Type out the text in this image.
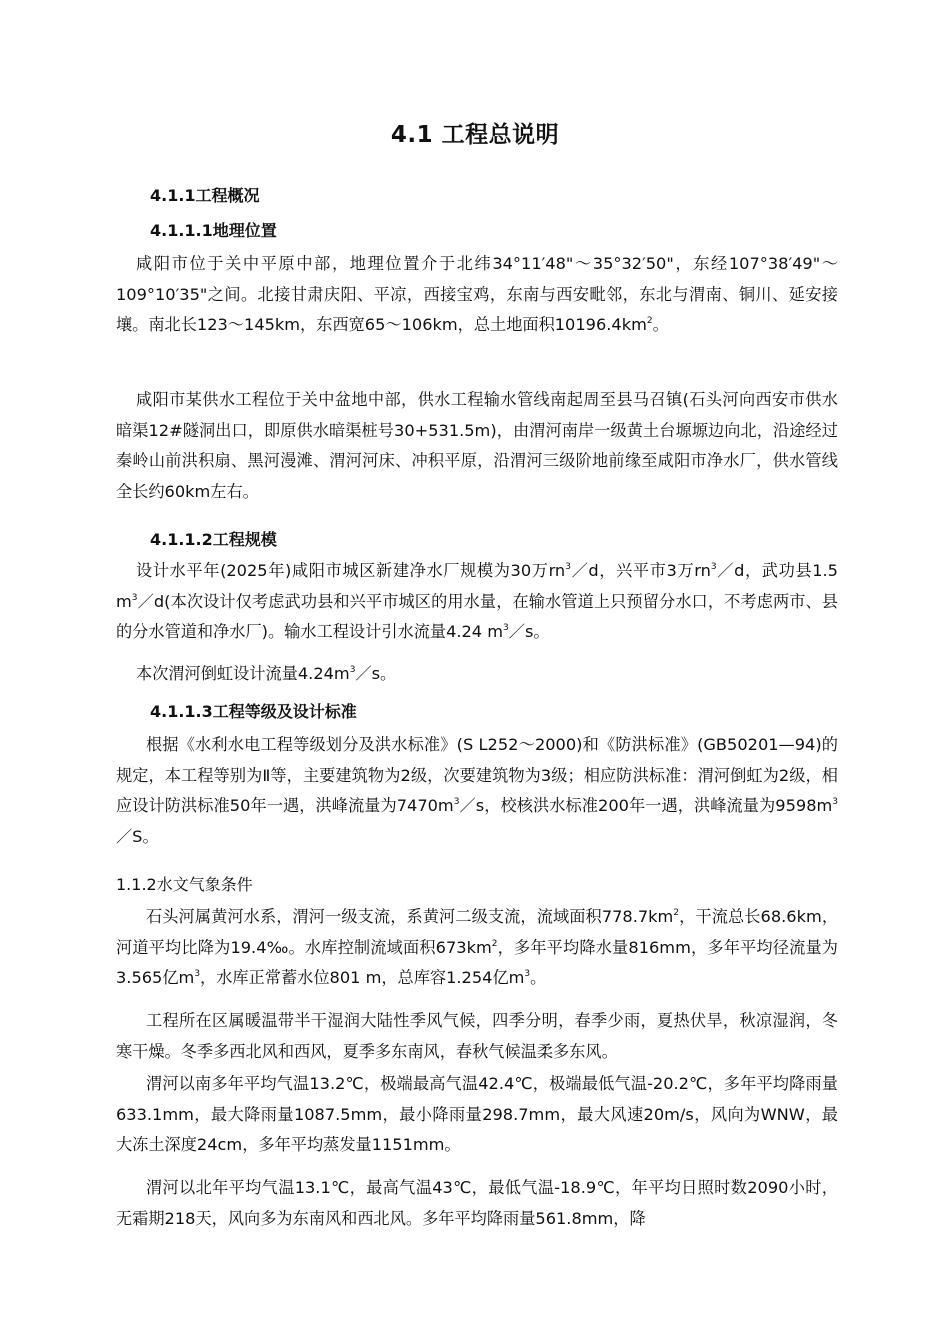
4.1 工程总说明
4.1.1工程概况
4.1.1.1地理位置
咸阳市位于关中平原中部，地理位置介于北纬34°11′48"～35°32′50"，东经107°38′49"～109°10′35"之间。北接甘肃庆阳、平凉，西接宝鸡，东南与西安毗邻，东北与渭南、铜川、延安接壤。南北长123～145km，东西宽65～106km，总土地面积$10196.4km^2$。
咸阳市某供水工程位于关中盆地中部，供水工程输水管线南起周至县马召镇(石头河向西安市供水暗渠12#隧洞出口，即原供水暗渠桩号30+531.5m)，由渭河南岸一级黄土台塬塬边向北，沿途经过秦岭山前洪积扇、黑河漫滩、渭河河床、冲积平原，沿渭河三级阶地前缘至咸阳市净水厂，供水管线全长约60km左右。
4.1.1.2工程规模
设计水平年(2025年)咸阳市城区新建净水厂规模为30万$rn^3/d$，兴平市3万$rn^3/d$，武功县1.5 $m^3/d$(本次设计仅考虑武功县和兴平市城区的用水量，在输水管道上只预留分水口，不考虑两市、县的分水管道和净水厂)。输水工程设计引水流量4.24 $m^3/s$。
本次渭河倒虹设计流量$4.24m^3/s$。
4.1.1.3工程等级及设计标准
根据《水利水电工程等级划分及洪水标准》(S L252～2000)和《防洪标准》(GB50201—94)的规定，本工程等别为Ⅱ等，主要建筑物为2级，次要建筑物为3级；相应防洪标准：渭河倒虹为2级，相应设计防洪标准50年一遇，洪峰流量为$7470m^3/s$，校核洪水标准200年一遇，洪峰流量为$9598m^3/S$。
1.1.2水文气象条件
石头河属黄河水系，渭河一级支流，系黄河二级支流，流域面积$778.7km^2$，干流总长68.6km，河道平均比降为19.4‰。水库控制流域面积$673km^2$，多年平均降水量816mm，多年平均径流量为3.565亿$m^3$，水库正常蓄水位801 m，总库容1.254亿$m^3$。
工程所在区属暖温带半干湿润大陆性季风气候，四季分明，春季少雨，夏热伏旱，秋凉湿润，冬寒干燥。冬季多西北风和西风，夏季多东南风，春秋气候温柔多东风。
渭河以南多年平均气温13.2℃，极端最高气温42.4℃，极端最低气温-20.2℃，多年平均降雨量633.1mm，最大降雨量1087.5mm，最小降雨量298.7mm，最大风速20m/s，风向为WNW，最大冻土深度24cm，多年平均蒸发量1151mm。
渭河以北年平均气温13.1℃，最高气温43℃，最低气温-18.9℃，年平均日照时数2090小时，无霜期218天，风向多为东南风和西北风。多年平均降雨量561.8mm，降
